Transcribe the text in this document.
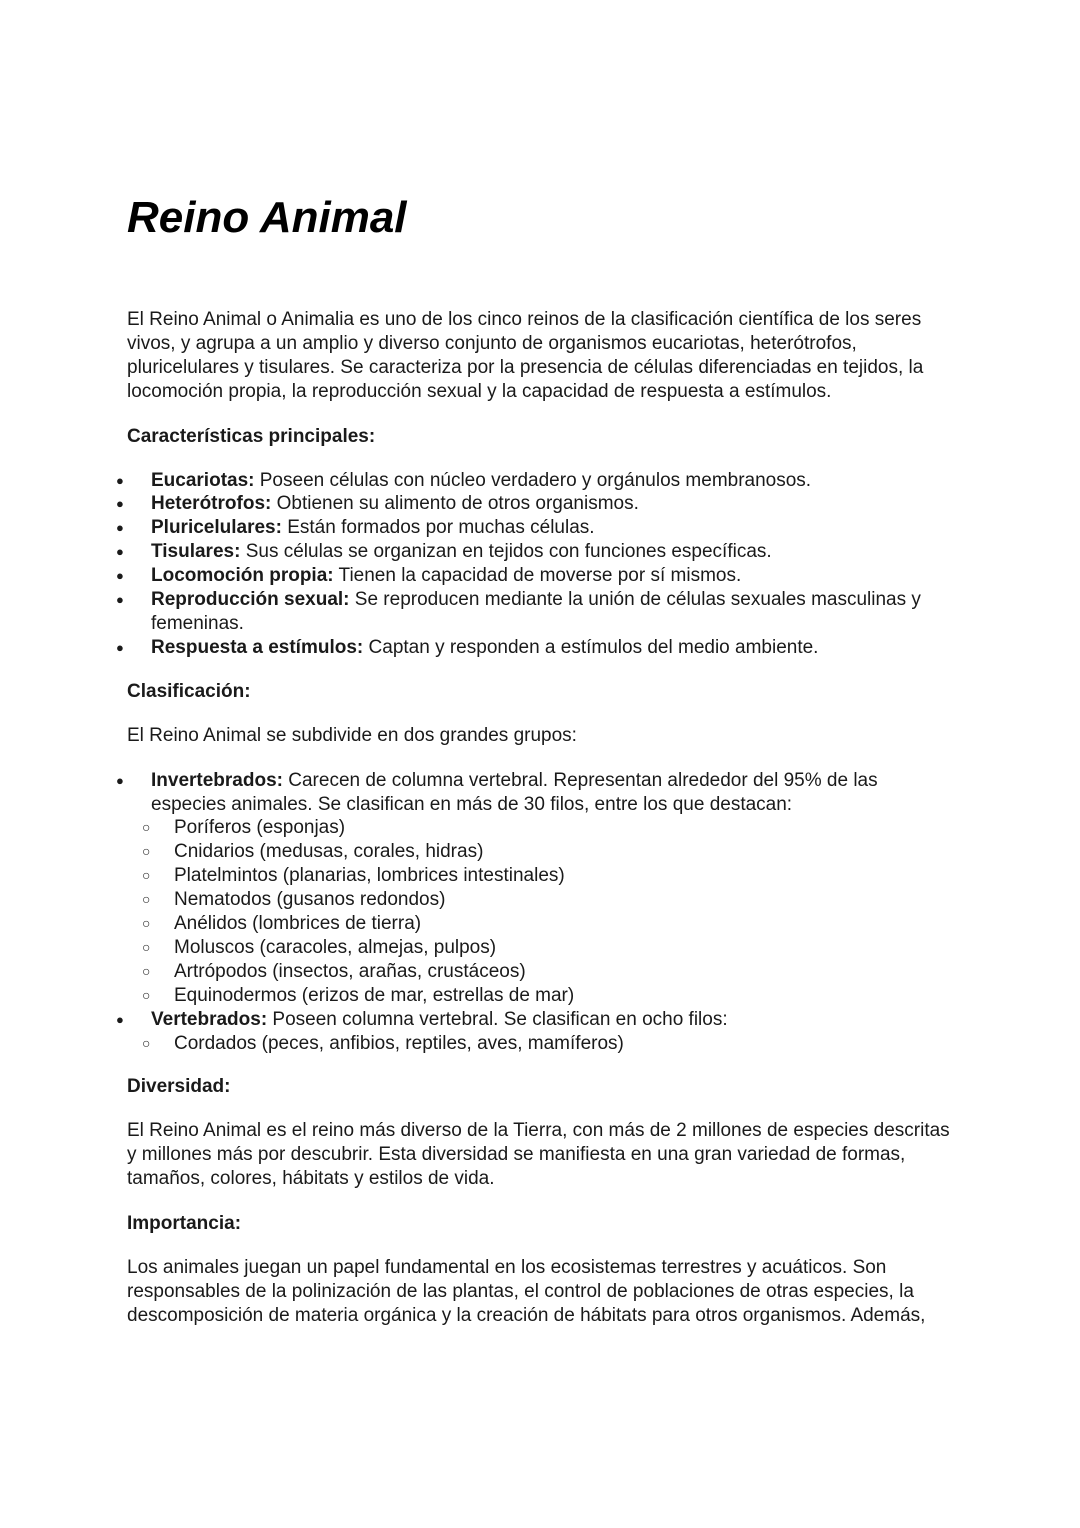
Reino Animal

El Reino Animal o Animalia es uno de los cinco reinos de la clasificación científica de los seres vivos, y agrupa a un amplio y diverso conjunto de organismos eucariotas, heterótrofos, pluricelulares y tisulares. Se caracteriza por la presencia de células diferenciadas en tejidos, la locomoción propia, la reproducción sexual y la capacidad de respuesta a estímulos.

Características principales:
● Eucariotas: Poseen células con núcleo verdadero y orgánulos membranosos.
● Heterótrofos: Obtienen su alimento de otros organismos.
● Pluricelulares: Están formados por muchas células.
● Tisulares: Sus células se organizan en tejidos con funciones específicas.
● Locomoción propia: Tienen la capacidad de moverse por sí mismos.
● Reproducción sexual: Se reproducen mediante la unión de células sexuales masculinas y femeninas.
● Respuesta a estímulos: Captan y responden a estímulos del medio ambiente.
Clasificación:

El Reino Animal se subdivide en dos grandes grupos:

● Invertebrados: Carecen de columna vertebral. Representan alrededor del 95% de las especies animales. Se clasifican en más de 30 filos, entre los que destacan:
○ Poríferos (esponjas)
○ Cnidarios (medusas, corales, hidras)
○ Platelmintos (planarias, lombrices intestinales)
○ Nematodos (gusanos redondos)
○ Anélidos (lombrices de tierra)
○ Moluscos (caracoles, almejas, pulpos)
○ Artrópodos (insectos, arañas, crustáceos)
○ Equinodermos (erizos de mar, estrellas de mar)
● Vertebrados: Poseen columna vertebral. Se clasifican en ocho filos:
○ Cordados (peces, anfibios, reptiles, aves, mamíferos)
Diversidad:

El Reino Animal es el reino más diverso de la Tierra, con más de 2 millones de especies descritas y millones más por descubrir. Esta diversidad se manifiesta en una gran variedad de formas, tamaños, colores, hábitats y estilos de vida.

Importancia:

Los animales juegan un papel fundamental en los ecosistemas terrestres y acuáticos. Son responsables de la polinización de las plantas, el control de poblaciones de otras especies, la descomposición de materia orgánica y la creación de hábitats para otros organismos. Además,
